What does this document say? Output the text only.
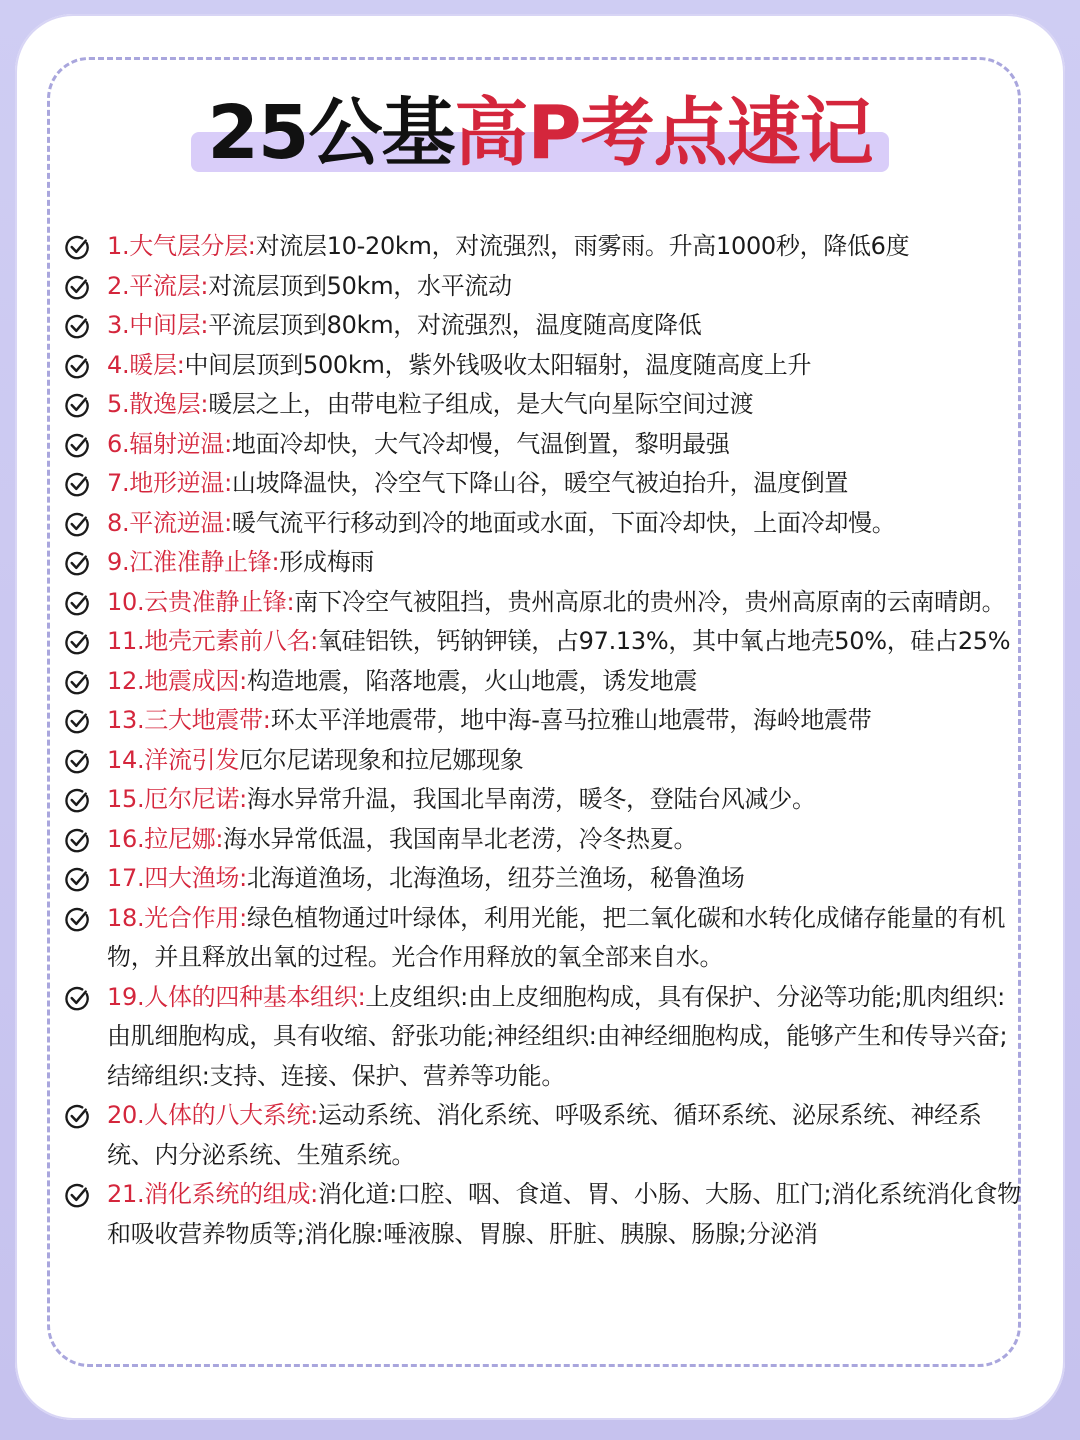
25公基高P考点速记
1.大气层分层:对流层10-20km，对流强烈，雨雾雨。升高1000秒，降低6度
2.平流层:对流层顶到50km，水平流动
3.中间层:平流层顶到80km，对流强烈，温度随高度降低
4.暖层:中间层顶到500km，紫外钱吸收太阳辐射，温度随高度上升
5.散逸层:暖层之上，由带电粒子组成，是大气向星际空间过渡
6.辐射逆温:地面冷却快，大气冷却慢，气温倒置，黎明最强
7.地形逆温:山坡降温快，冷空气下降山谷，暖空气被迫抬升，温度倒置
8.平流逆温:暖气流平行移动到冷的地面或水面，下面冷却快，上面冷却慢。
9.江淮准静止锋:形成梅雨
10.云贵准静止锋:南下冷空气被阻挡，贵州高原北的贵州冷，贵州高原南的云南晴朗。
11.地壳元素前八名:氧硅铝铁，钙钠钾镁，占97.13%，其中氧占地壳50%，硅占25%
12.地震成因:构造地震，陷落地震，火山地震，诱发地震
13.三大地震带:环太平洋地震带，地中海-喜马拉雅山地震带，海岭地震带
14.洋流引发厄尔尼诺现象和拉尼娜现象
15.厄尔尼诺:海水异常升温，我国北旱南涝，暖冬，登陆台风减少。
16.拉尼娜:海水异常低温，我国南旱北老涝，冷冬热夏。
17.四大渔场:北海道渔场，北海渔场，纽芬兰渔场，秘鲁渔场
18.光合作用:绿色植物通过叶绿体，利用光能，把二氧化碳和水转化成储存能量的有机物，并且释放出氧的过程。光合作用释放的氧全部来自水。
19.人体的四种基本组织:上皮组织:由上皮细胞构成，具有保护、分泌等功能;肌肉组织:由肌细胞构成，具有收缩、舒张功能;神经组织:由神经细胞构成，能够产生和传导兴奋;结缔组织:支持、连接、保护、营养等功能。
20.人体的八大系统:运动系统、消化系统、呼吸系统、循环系统、泌尿系统、神经系统、内分泌系统、生殖系统。
21.消化系统的组成:消化道:口腔、咽、食道、胃、小肠、大肠、肛门;消化系统消化食物和吸收营养物质等;消化腺:唾液腺、胃腺、肝脏、胰腺、肠腺;分泌消
